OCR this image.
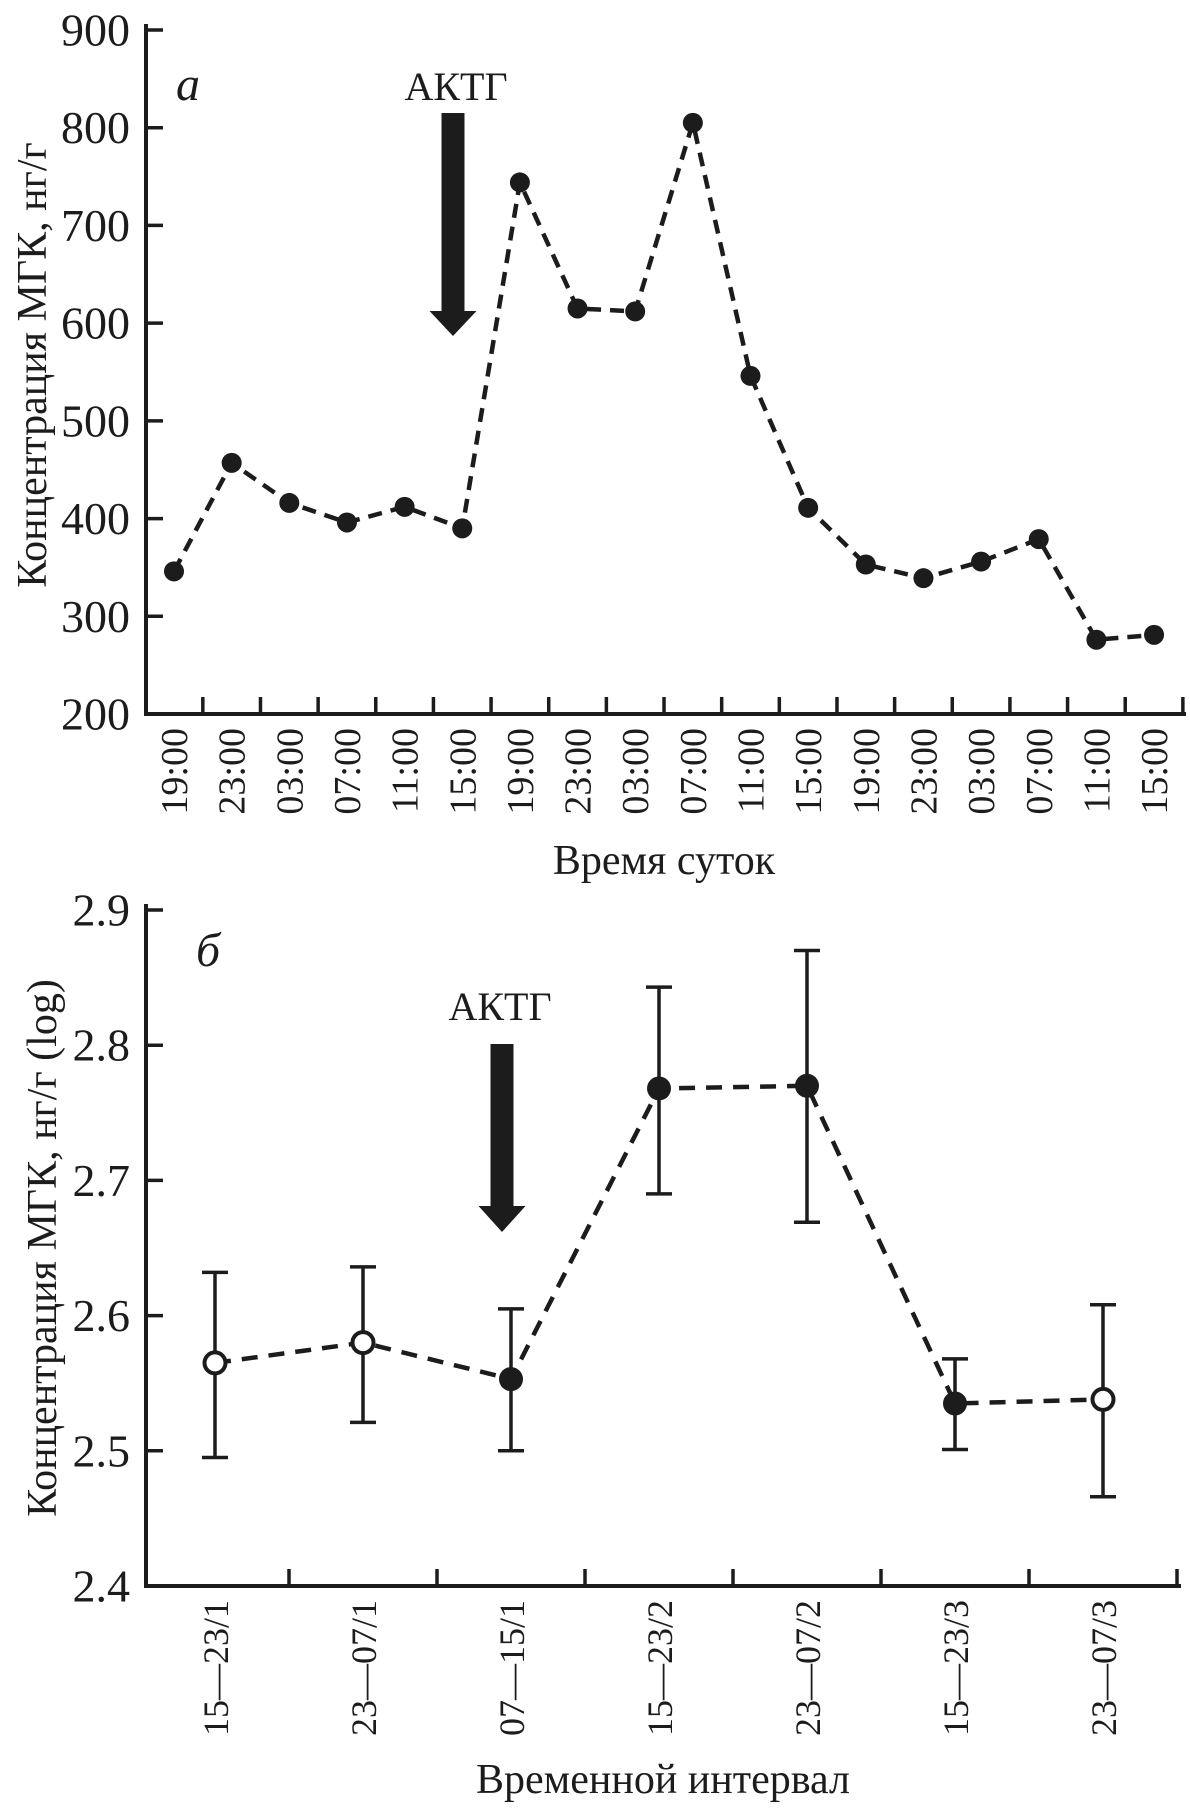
900
800
700
600
500
400
300
200
19:00 23:00 03:00 07:00 11:00 15:00 19:00 23:00 03:00 07:00 11:00 15:00 19:00 23:00 03:00 07:00 11:00 15:00
а	АКТГ
Время суток
Концентрация МГК, нг/г
2.9
2.8
2.7
2.6
2.5
2.4
15—23/1	23—07/1	07—15/1	15—23/2	23—07/2	15—23/3	23—07/3
б
АКТГ
Временной интервал
Концентрация МГК, нг/г (log)
